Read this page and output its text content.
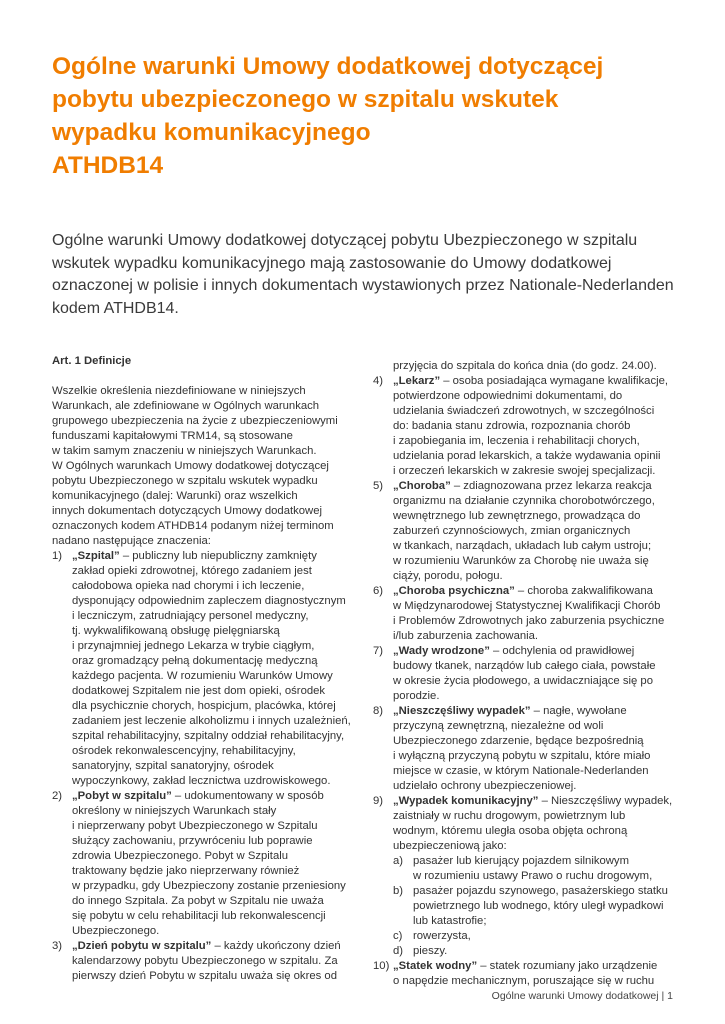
Ogólne warunki Umowy dodatkowej dotyczącej
pobytu ubezpieczonego w szpitalu wskutek
wypadku komunikacyjnego
ATHDB14

Ogólne warunki Umowy dodatkowej dotyczącej pobytu Ubezpieczonego w szpitalu
wskutek wypadku komunikacyjnego mają zastosowanie do Umowy dodatkowej
oznaczonej w polisie i innych dokumentach wystawionych przez Nationale-Nederlanden
kodem ATHDB14.

Art. 1 Definicje
Wszelkie określenia niezdefiniowane w niniejszych
Warunkach, ale zdefiniowane w Ogólnych warunkach
grupowego ubezpieczenia na życie z ubezpieczeniowymi
funduszami kapitałowymi TRM14, są stosowane
w takim samym znaczeniu w niniejszych Warunkach.
W Ogólnych warunkach Umowy dodatkowej dotyczącej
pobytu Ubezpieczonego w szpitalu wskutek wypadku
komunikacyjnego (dalej: Warunki) oraz wszelkich
innych dokumentach dotyczących Umowy dodatkowej
oznaczonych kodem ATHDB14 podanym niżej terminom
nadano następujące znaczenia:
1) „Szpital” – publiczny lub niepubliczny zamknięty
zakład opieki zdrowotnej, którego zadaniem jest
całodobowa opieka nad chorymi i ich leczenie,
dysponujący odpowiednim zapleczem diagnostycznym
i leczniczym, zatrudniający personel medyczny,
tj. wykwalifikowaną obsługę pielęgniarską
i przynajmniej jednego Lekarza w trybie ciągłym,
oraz gromadzący pełną dokumentację medyczną
każdego pacjenta. W rozumieniu Warunków Umowy
dodatkowej Szpitalem nie jest dom opieki, ośrodek
dla psychicznie chorych, hospicjum, placówka, której
zadaniem jest leczenie alkoholizmu i innych uzależnień,
szpital rehabilitacyjny, szpitalny oddział rehabilitacyjny,
ośrodek rekonwalescencyjny, rehabilitacyjny,
sanatoryjny, szpital sanatoryjny, ośrodek
wypoczynkowy, zakład lecznictwa uzdrowiskowego.
2) „Pobyt w szpitalu” – udokumentowany w sposób
określony w niniejszych Warunkach stały
i nieprzerwany pobyt Ubezpieczonego w Szpitalu
służący zachowaniu, przywróceniu lub poprawie
zdrowia Ubezpieczonego. Pobyt w Szpitalu
traktowany będzie jako nieprzerwany również
w przypadku, gdy Ubezpieczony zostanie przeniesiony
do innego Szpitala. Za pobyt w Szpitalu nie uważa
się pobytu w celu rehabilitacji lub rekonwalescencji
Ubezpieczonego.
3) „Dzień pobytu w szpitalu” – każdy ukończony dzień
kalendarzowy pobytu Ubezpieczonego w szpitalu. Za
pierwszy dzień Pobytu w szpitalu uważa się okres od
przyjęcia do szpitala do końca dnia (do godz. 24.00).
4) „Lekarz” – osoba posiadająca wymagane kwalifikacje,
potwierdzone odpowiednimi dokumentami, do
udzielania świadczeń zdrowotnych, w szczególności
do: badania stanu zdrowia, rozpoznania chorób
i zapobiegania im, leczenia i rehabilitacji chorych,
udzielania porad lekarskich, a także wydawania opinii
i orzeczeń lekarskich w zakresie swojej specjalizacji.
5) „Choroba” – zdiagnozowana przez lekarza reakcja
organizmu na działanie czynnika chorobotwórczego,
wewnętrznego lub zewnętrznego, prowadząca do
zaburzeń czynnościowych, zmian organicznych
w tkankach, narządach, układach lub całym ustroju;
w rozumieniu Warunków za Chorobę nie uważa się
ciąży, porodu, połogu.
6) „Choroba psychiczna” – choroba zakwalifikowana
w Międzynarodowej Statystycznej Kwalifikacji Chorób
i Problemów Zdrowotnych jako zaburzenia psychiczne
i/lub zaburzenia zachowania.
7) „Wady wrodzone” – odchylenia od prawidłowej
budowy tkanek, narządów lub całego ciała, powstałe
w okresie życia płodowego, a uwidaczniające się po
porodzie.
8) „Nieszczęśliwy wypadek” – nagłe, wywołane
przyczyną zewnętrzną, niezależne od woli
Ubezpieczonego zdarzenie, będące bezpośrednią
i wyłączną przyczyną pobytu w szpitalu, które miało
miejsce w czasie, w którym Nationale-Nederlanden
udzielało ochrony ubezpieczeniowej.
9) „Wypadek komunikacyjny” – Nieszczęśliwy wypadek,
zaistniały w ruchu drogowym, powietrznym lub
wodnym, któremu uległa osoba objęta ochroną
ubezpieczeniową jako:
a) pasażer lub kierujący pojazdem silnikowym
w rozumieniu ustawy Prawo o ruchu drogowym,
b) pasażer pojazdu szynowego, pasażerskiego statku
powietrznego lub wodnego, który uległ wypadkowi
lub katastrofie;
c) rowerzysta,
d) pieszy.
10) „Statek wodny” – statek rozumiany jako urządzenie
o napędzie mechanicznym, poruszające się w ruchu
Ogólne warunki Umowy dodatkowej | 1
